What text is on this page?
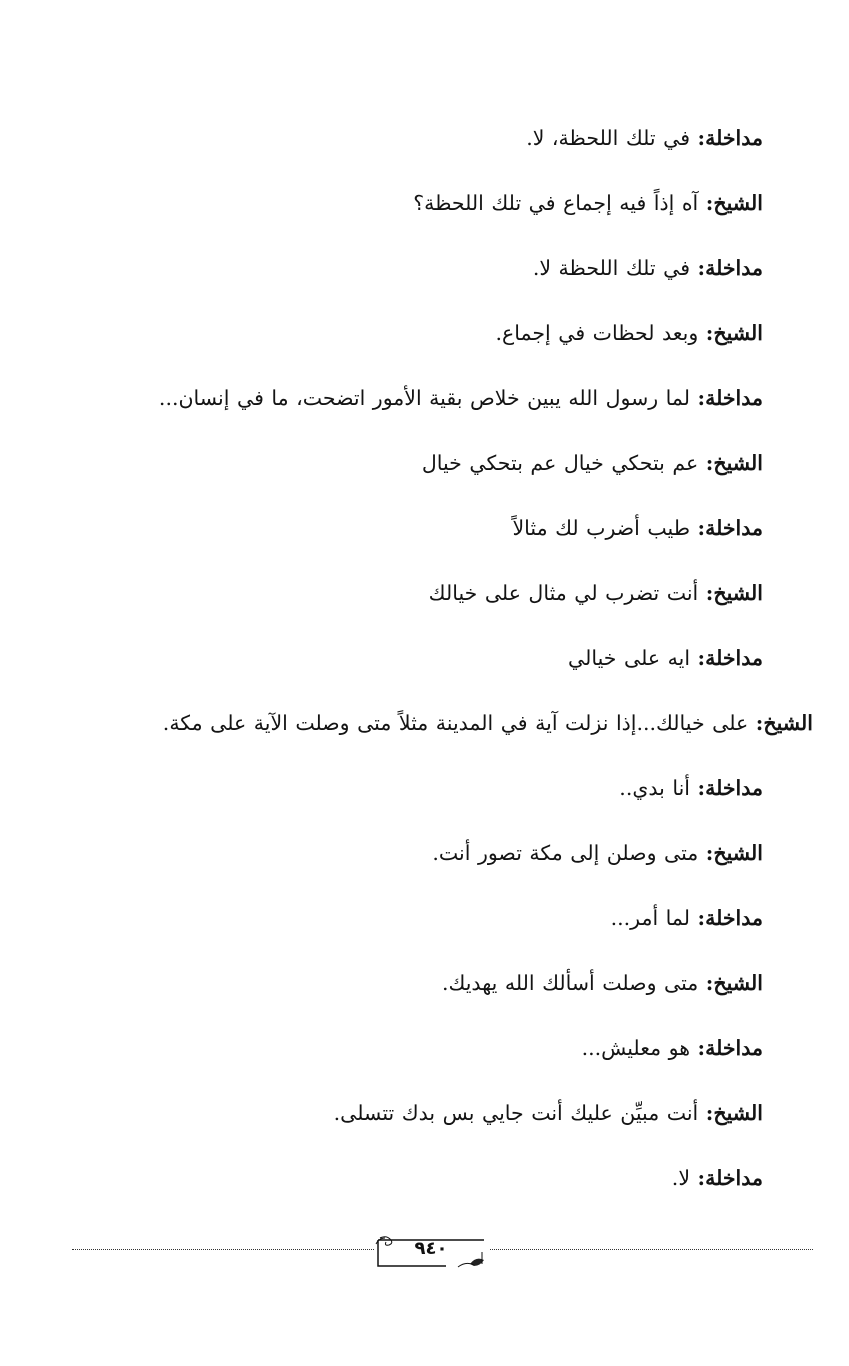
مداخلة: في تلك اللحظة، لا.

الشيخ: آه إذاً فيه إجماع في تلك اللحظة؟

مداخلة: في تلك اللحظة لا.

الشيخ: وبعد لحظات في إجماع.

مداخلة: لما رسول الله يبين خلاص بقية الأمور اتضحت، ما في إنسان...

الشيخ: عم بتحكي خيال عم بتحكي خيال

مداخلة: طيب أضرب لك مثالاً

الشيخ: أنت تضرب لي مثال على خيالك

مداخلة: ايه على خيالي

الشيخ: على خيالك...إذا نزلت آية في المدينة مثلاً متى وصلت الآية على مكة.

مداخلة: أنا بدي..

الشيخ: متى وصلن إلى مكة تصور أنت.

مداخلة: لما أمر...

الشيخ: متى وصلت أسألك الله يهديك.

مداخلة: هو معليش...

الشيخ: أنت مبيِّن عليك أنت جايي بس بدك تتسلى.

مداخلة: لا.

٩٤٠
